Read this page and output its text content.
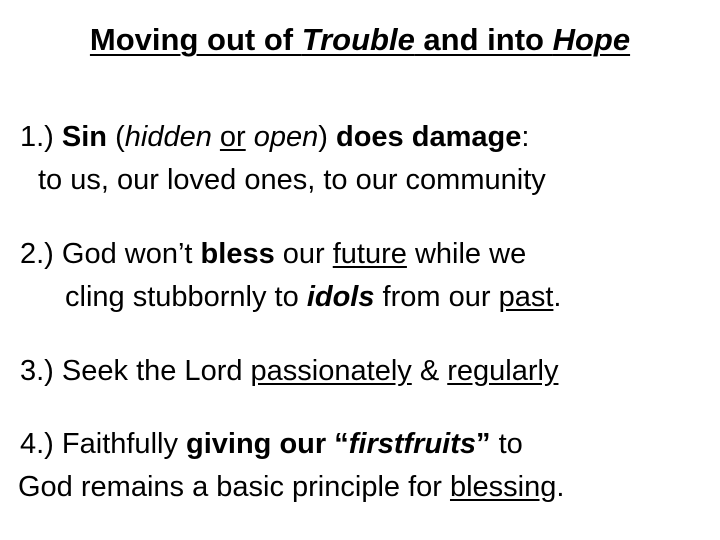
Moving out of Trouble and into Hope
1.) Sin (hidden or open) does damage:
to us, our loved ones, to our community
2.) God won’t bless our future while we
cling stubbornly to idols from our past.
3.) Seek the Lord passionately & regularly
4.) Faithfully giving our “firstfruits” to
God remains a basic principle for blessing.
